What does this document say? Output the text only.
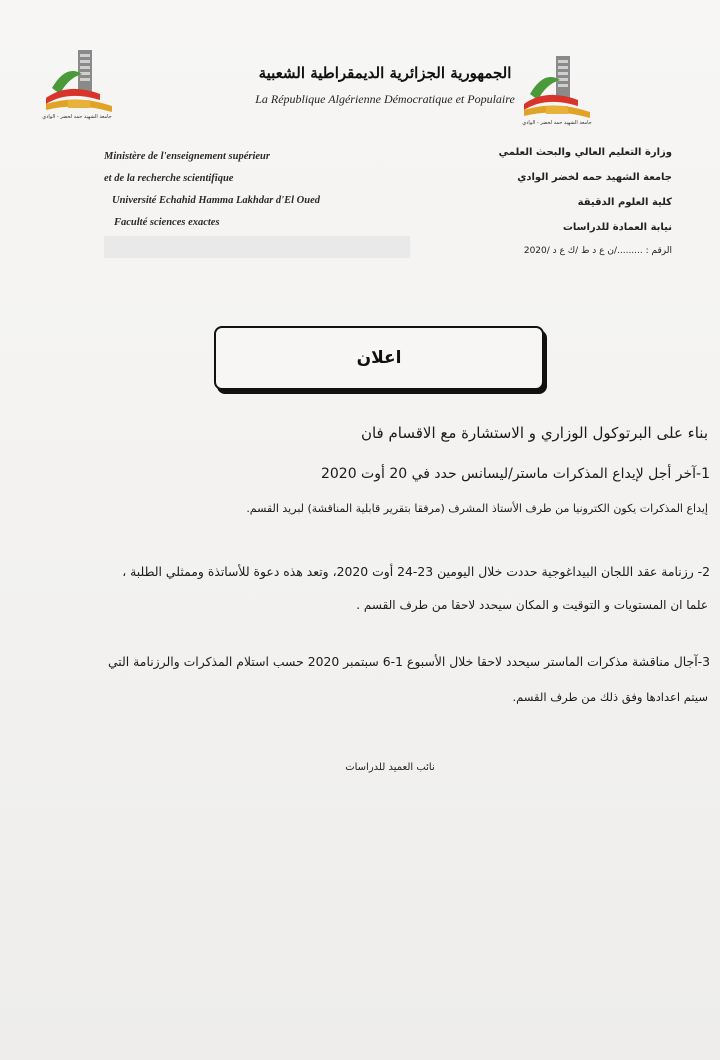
جامعة الشهيد حمه لخضر - الوادي
جامعة الشهيد حمه لخضر - الوادي
الجمهورية الجزائرية الديمقراطية الشعبية
La République Algérienne Démocratique et Populaire
Ministère de l'enseignement supérieur
et de la recherche scientifique
Université Echahid Hamma Lakhdar d'El Oued
Faculté sciences exactes
وزارة التعليم العالي والبحث العلمي
جامعة الشهيد حمه لخضر الوادي
كلية العلوم الدقيقة
نيابة العمادة للدراسات
الرقم : ........./ن ع د ط /ك ع د /2020
اعلان
بناء على البرتوكول الوزاري و الاستشارة مع الاقسام فان
1-آخر أجل لإيداع المذكرات ماستر/ليسانس حدد في 20 أوت 2020
إيداع المذكرات يكون الكترونيا من طرف الأستاذ المشرف (مرفقا بتقرير قابلية المناقشة) لبريد القسم.
2- رزنامة عقد اللجان البيداغوجية حددت خلال اليومين 23-24 أوت 2020، وتعد هذه دعوة للأساتذة وممثلي الطلبة ،
علما ان المستويات و التوقيت و المكان سيحدد لاحقا من طرف القسم .
3-آجال مناقشة مذكرات الماستر سيحدد لاحقا خلال الأسبوع 1-6 سبتمبر 2020 حسب استلام المذكرات والرزنامة التي
سيتم اعدادها وفق ذلك من طرف القسم.
نائب العميد للدراسات
